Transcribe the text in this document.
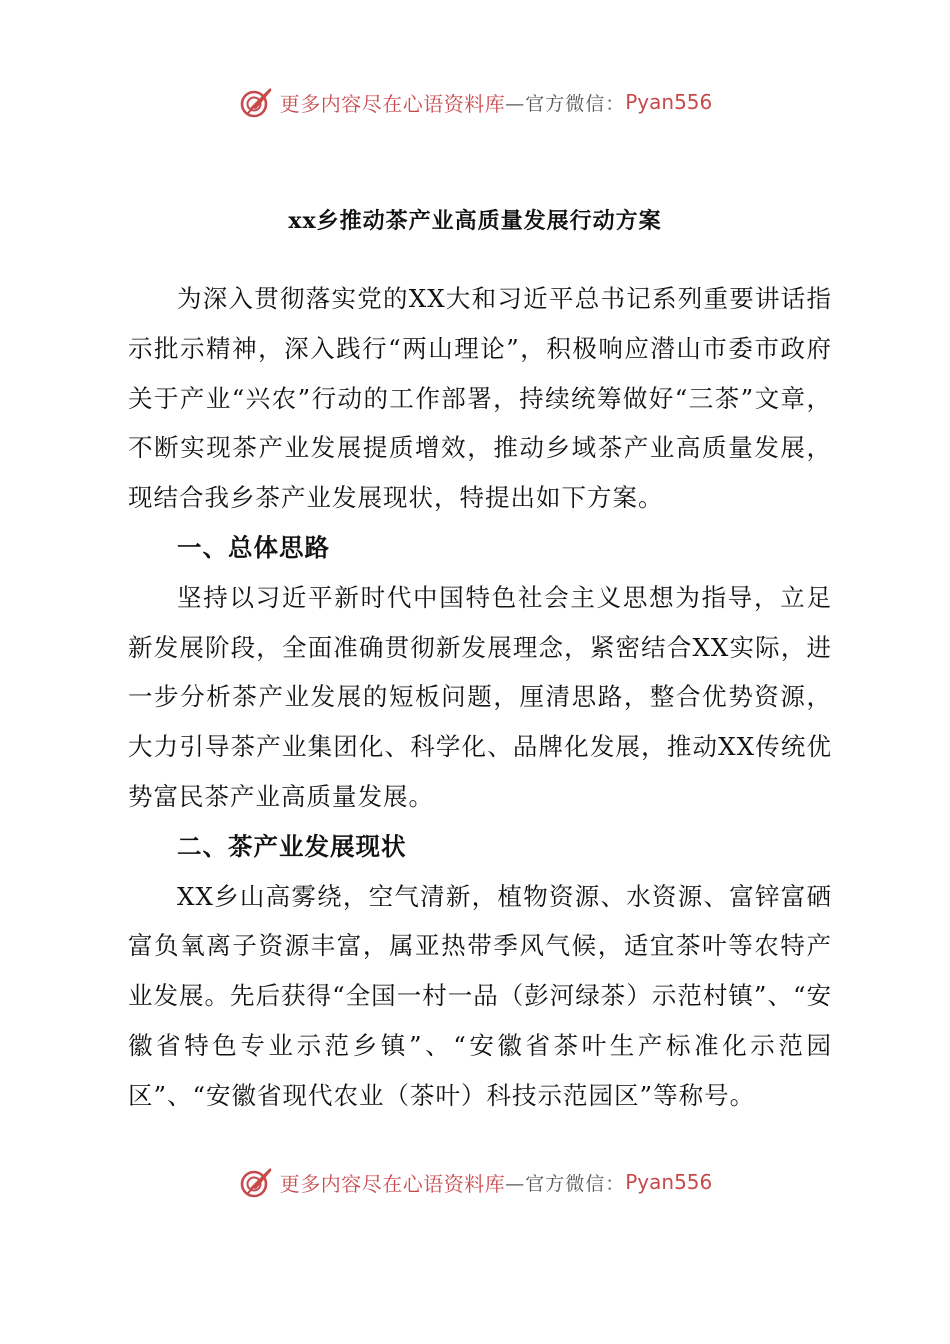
更多内容尽在心语资料库 —官方微信： Pyan556
xx乡推动茶产业高质量发展行动方案

为深入贯彻落实党的XX大和习近平总书记系列重要讲话指示批示精神，深入践行“两山理论”，积极响应潜山市委市政府关于产业“兴农”行动的工作部署，持续统筹做好“三茶”文章，不断实现茶产业发展提质增效，推动乡域茶产业高质量发展，现结合我乡茶产业发展现状，特提出如下方案。

一、总体思路

坚持以习近平新时代中国特色社会主义思想为指导，立足新发展阶段，全面准确贯彻新发展理念，紧密结合XX实际，进一步分析茶产业发展的短板问题，厘清思路，整合优势资源，大力引导茶产业集团化、科学化、品牌化发展，推动XX传统优势富民茶产业高质量发展。

二、茶产业发展现状

XX乡山高雾绕，空气清新，植物资源、水资源、富锌富硒富负氧离子资源丰富，属亚热带季风气候，适宜茶叶等农特产业发展。先后获得“全国一村一品（彭河绿茶）示范村镇”、“安徽省特色专业示范乡镇”、“安徽省茶叶生产标准化示范园区”、“安徽省现代农业（茶叶）科技示范园区”等称号。

更多内容尽在心语资料库 —官方微信： Pyan556
